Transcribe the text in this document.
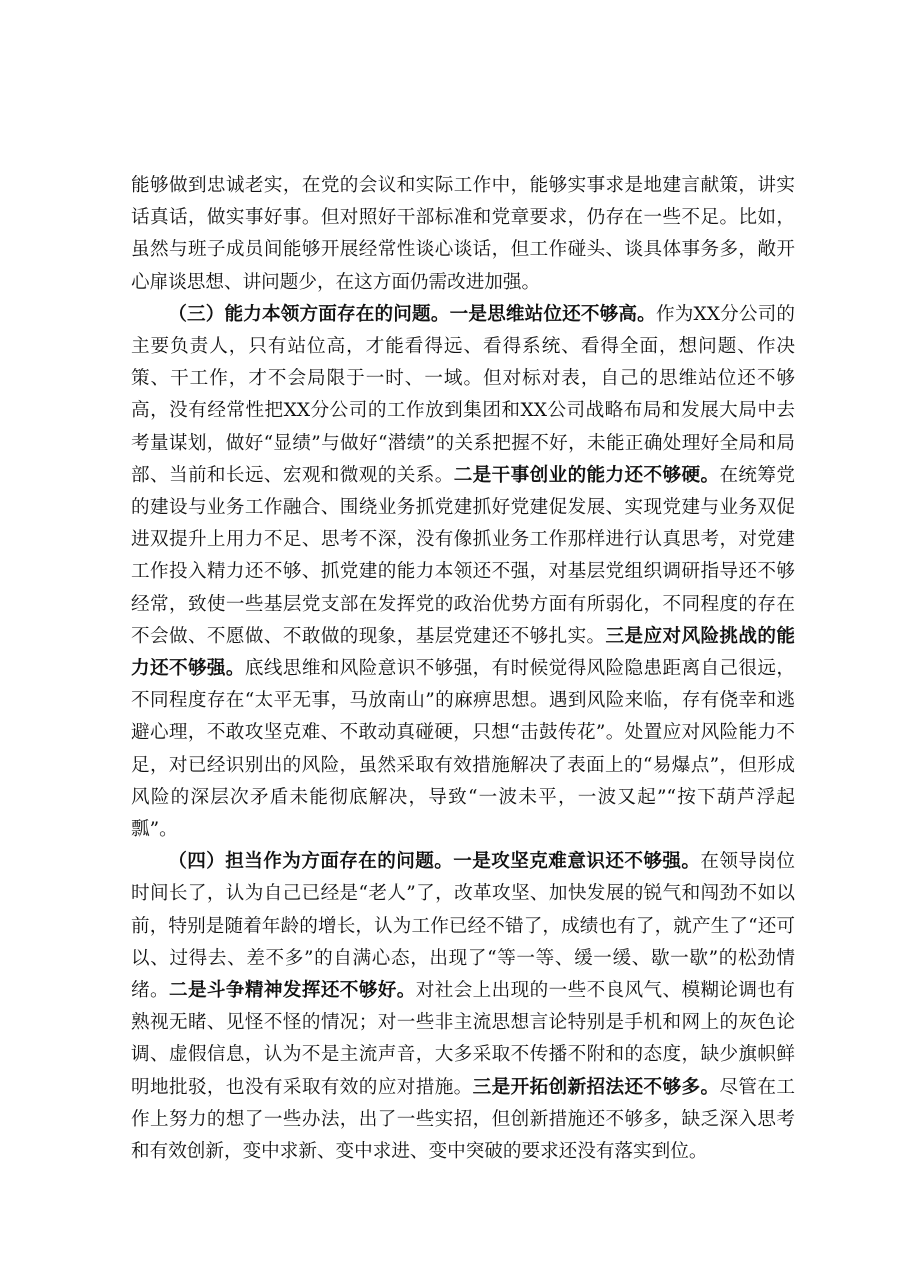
能够做到忠诚老实，在党的会议和实际工作中，能够实事求是地建言献策，讲实话真话，做实事好事。但对照好干部标准和党章要求，仍存在一些不足。比如，虽然与班子成员间能够开展经常性谈心谈话，但工作碰头、谈具体事务多，敞开心扉谈思想、讲问题少，在这方面仍需改进加强。

（三）能力本领方面存在的问题。一是思维站位还不够高。作为XX分公司的主要负责人，只有站位高，才能看得远、看得系统、看得全面，想问题、作决策、干工作，才不会局限于一时、一域。但对标对表，自己的思维站位还不够高，没有经常性把XX分公司的工作放到集团和XX公司战略布局和发展大局中去考量谋划，做好“显绩”与做好“潜绩”的关系把握不好，未能正确处理好全局和局部、当前和长远、宏观和微观的关系。二是干事创业的能力还不够硬。在统筹党的建设与业务工作融合、围绕业务抓党建抓好党建促发展、实现党建与业务双促进双提升上用力不足、思考不深，没有像抓业务工作那样进行认真思考，对党建工作投入精力还不够、抓党建的能力本领还不强，对基层党组织调研指导还不够经常，致使一些基层党支部在发挥党的政治优势方面有所弱化，不同程度的存在不会做、不愿做、不敢做的现象，基层党建还不够扎实。三是应对风险挑战的能力还不够强。底线思维和风险意识不够强，有时候觉得风险隐患距离自己很远，不同程度存在“太平无事，马放南山”的麻痹思想。遇到风险来临，存有侥幸和逃避心理，不敢攻坚克难、不敢动真碰硬，只想“击鼓传花”。处置应对风险能力不足，对已经识别出的风险，虽然采取有效措施解决了表面上的“易爆点”，但形成风险的深层次矛盾未能彻底解决，导致“一波未平，一波又起”“按下葫芦浮起瓢”。

（四）担当作为方面存在的问题。一是攻坚克难意识还不够强。在领导岗位时间长了，认为自己已经是“老人”了，改革攻坚、加快发展的锐气和闯劲不如以前，特别是随着年龄的增长，认为工作已经不错了，成绩也有了，就产生了“还可以、过得去、差不多”的自满心态，出现了“等一等、缓一缓、歇一歇”的松劲情绪。二是斗争精神发挥还不够好。对社会上出现的一些不良风气、模糊论调也有熟视无睹、见怪不怪的情况；对一些非主流思想言论特别是手机和网上的灰色论调、虚假信息，认为不是主流声音，大多采取不传播不附和的态度，缺少旗帜鲜明地批驳，也没有采取有效的应对措施。三是开拓创新招法还不够多。尽管在工作上努力的想了一些办法，出了一些实招，但创新措施还不够多，缺乏深入思考和有效创新，变中求新、变中求进、变中突破的要求还没有落实到位。
